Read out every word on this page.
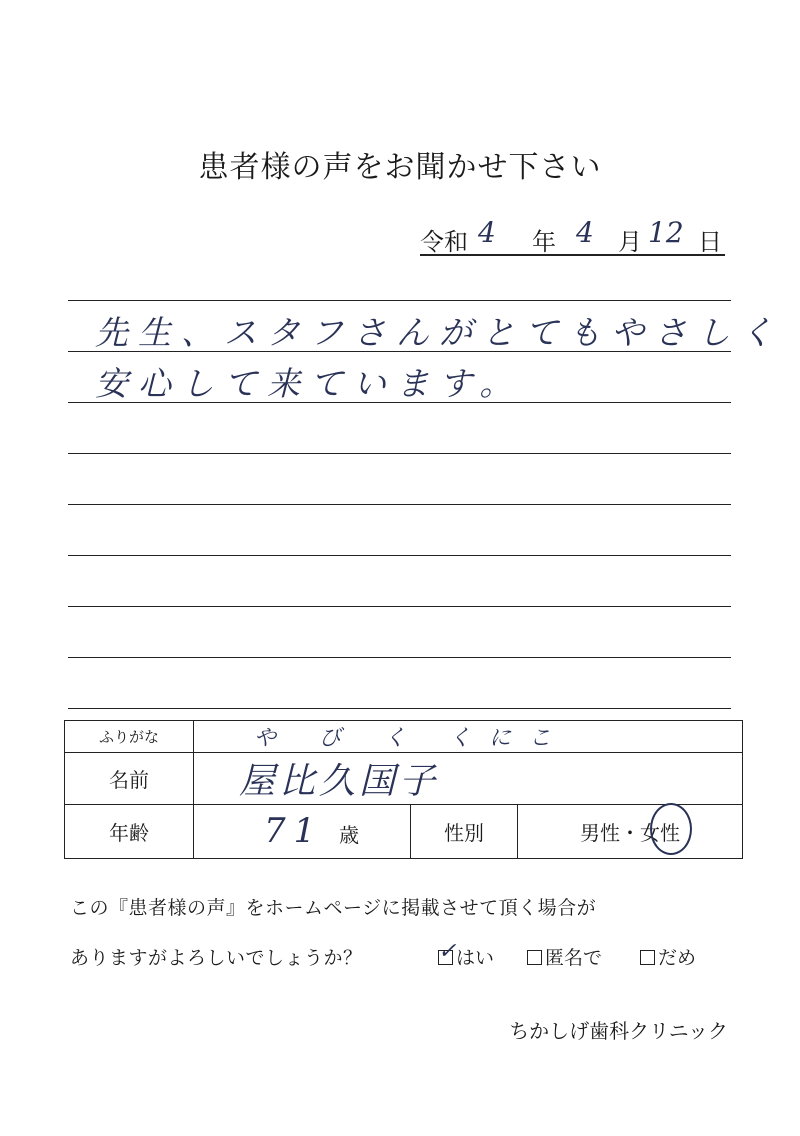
患者様の声をお聞かせ下さい
令和 4 年 4 月 12 日
先生、スタフさんがとてもやさしく
安心して来ています。
ふりがな	や び く くにこ		
名前	屋比久国子		
年齢	71 歳	性別	男性・女性
この『患者様の声』をホームページに掲載させて頂く場合が
ありますがよろしいでしょうか？	✓ はい	匿名で	だめ
ちかしげ歯科クリニック
